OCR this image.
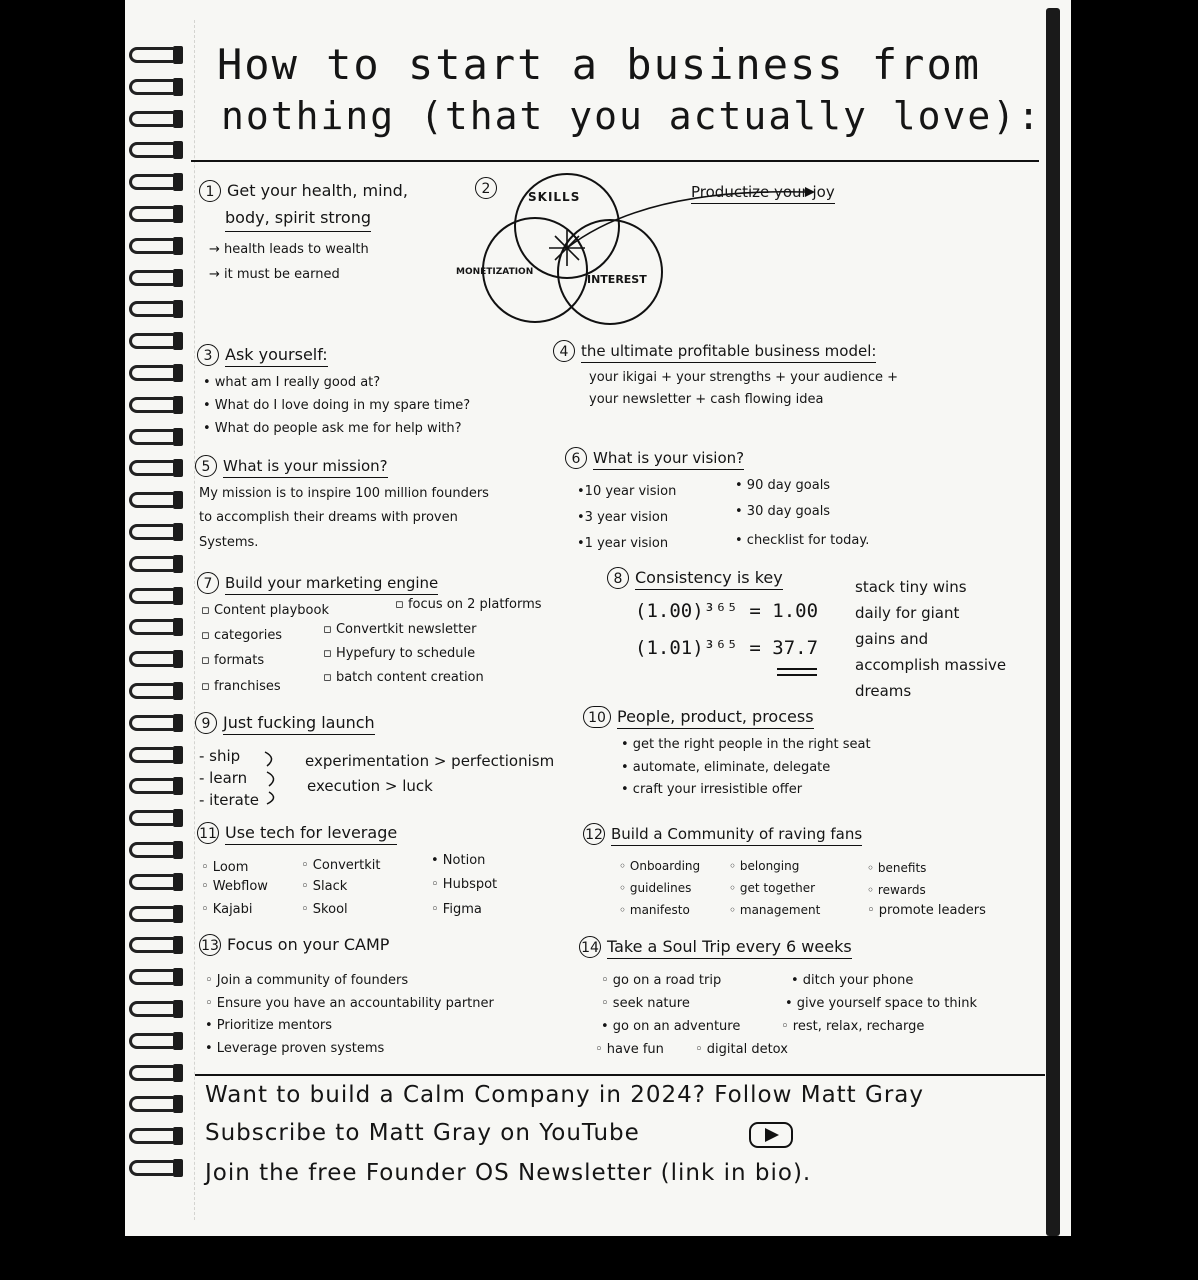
How to start a business from
nothing (that you actually love):
1 Get your health, mind,
body, spirit strong
→ health leads to wealth
→ it must be earned
2	SKILLS
MONETIZATION
INTEREST
Productize your joy
3 Ask yourself:
• what am I really good at?
• What do I love doing in my spare time?
• What do people ask me for help with?
4 the ultimate profitable business model:
your ikigai + your strengths + your audience +
your newsletter + cash flowing idea
5 What is your mission?
My mission is to inspire 100 million founders
to accomplish their dreams with proven
Systems.
6 What is your vision?
•10 year vision
•3 year vision
•1 year vision
• 90 day goals
• 30 day goals
• checklist for today.
7 Build your marketing engine
▫ Content playbook
▫ categories
▫ formats
▫ franchises
▫ focus on 2 platforms
▫ Convertkit newsletter
▫ Hypefury to schedule
▫ batch content creation
8 Consistency is key
(1.00)³⁶⁵ = 1.00
(1.01)³⁶⁵ = 37.7
stack tiny wins
daily for giant
gains and
accomplish massive
dreams
9 Just fucking launch
- ship
- learn
- iterate
experimentation > perfectionism
execution > luck
10 People, product, process
• get the right people in the right seat
• automate, eliminate, delegate
• craft your irresistible offer
11 Use tech for leverage
◦ Loom
◦ Webflow
◦ Kajabi
◦ Convertkit
◦ Slack
◦ Skool
• Notion
◦ Hubspot
◦ Figma
12 Build a Community of raving fans
◦ Onboarding
◦ guidelines
◦ manifesto
◦ belonging
◦ get together
◦ management
◦ benefits
◦ rewards
◦ promote leaders
13 Focus on your CAMP
◦ Join a community of founders
◦ Ensure you have an accountability partner
• Prioritize mentors
• Leverage proven systems
14 Take a Soul Trip every 6 weeks
◦ go on a road trip
◦ seek nature
• go on an adventure
◦ have fun
• ditch your phone
• give yourself space to think
◦ rest, relax, recharge
◦ digital detox
Want to build a Calm Company in 2024? Follow Matt Gray
Subscribe to Matt Gray on YouTube
Join the free Founder OS Newsletter (link in bio).
